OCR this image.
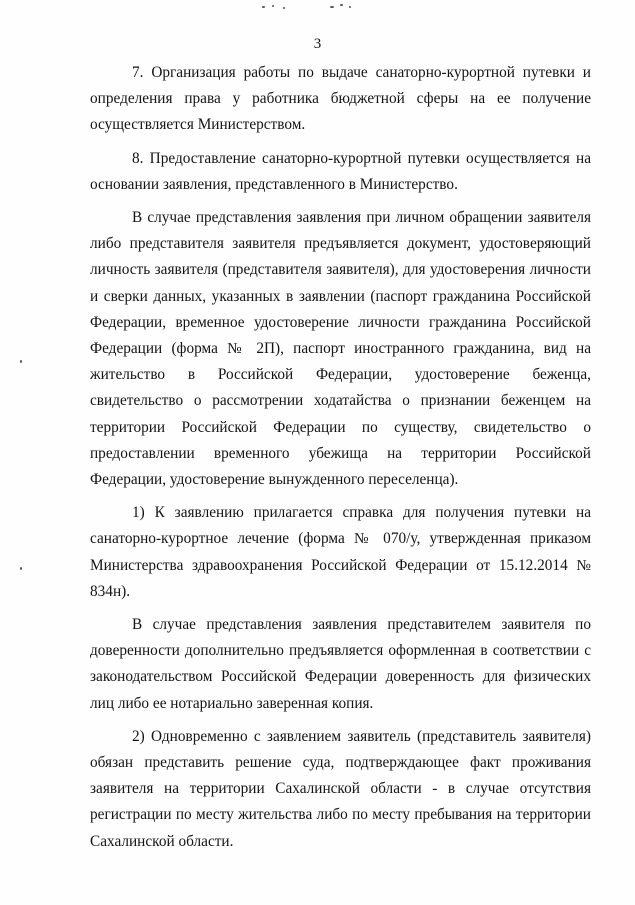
3

7. Организация работы по выдаче санаторно-курортной путевки и определения права у работника бюджетной сферы на ее получение осуществляется Министерством.

8. Предоставление санаторно-курортной путевки осуществляется на основании заявления, представленного в Министерство.

В случае представления заявления при личном обращении заявителя либо представителя заявителя предъявляется документ, удостоверяющий личность заявителя (представителя заявителя), для удостоверения личности и сверки данных, указанных в заявлении (паспорт гражданина Российской Федерации, временное удостоверение личности гражданина Российской Федерации (форма № 2П), паспорт иностранного гражданина, вид на жительство в Российской Федерации, удостоверение беженца, свидетельство о рассмотрении ходатайства о признании беженцем на территории Российской Федерации по существу, свидетельство о предоставлении временного убежища на территории Российской Федерации, удостоверение вынужденного переселенца).

1) К заявлению прилагается справка для получения путевки на санаторно-курортное лечение (форма № 070/у, утвержденная приказом Министерства здравоохранения Российской Федерации от 15.12.2014 № 834н).

В случае представления заявления представителем заявителя по доверенности дополнительно предъявляется оформленная в соответствии с законодательством Российской Федерации доверенность для физических лиц либо ее нотариально заверенная копия.

2) Одновременно с заявлением заявитель (представитель заявителя) обязан представить решение суда, подтверждающее факт проживания заявителя на территории Сахалинской области - в случае отсутствия регистрации по месту жительства либо по месту пребывания на территории Сахалинской области.
